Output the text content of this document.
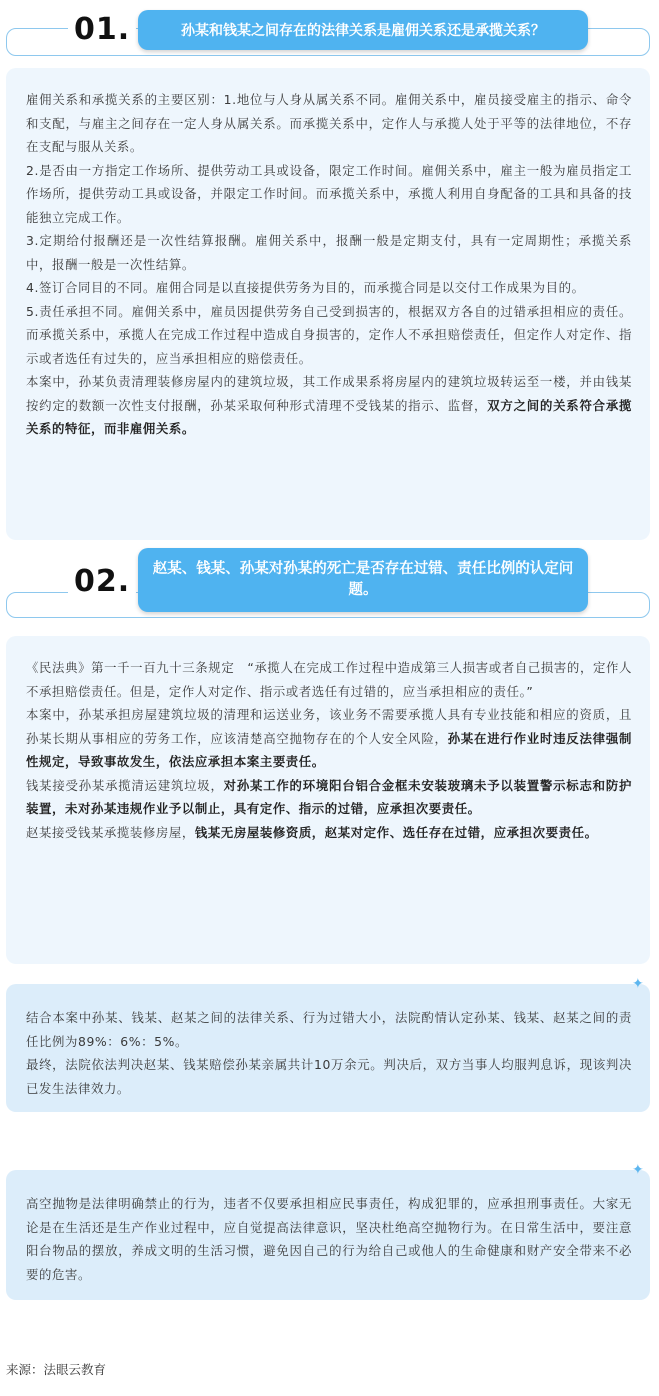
01.	孙某和钱某之间存在的法律关系是雇佣关系还是承揽关系？

雇佣关系和承揽关系的主要区别：1.地位与人身从属关系不同。雇佣关系中，雇员接受雇主的指示、命令和支配，与雇主之间存在一定人身从属关系。而承揽关系中，定作人与承揽人处于平等的法律地位，不存在支配与服从关系。

2.是否由一方指定工作场所、提供劳动工具或设备，限定工作时间。雇佣关系中，雇主一般为雇员指定工作场所，提供劳动工具或设备，并限定工作时间。而承揽关系中，承揽人利用自身配备的工具和具备的技能独立完成工作。

3.定期给付报酬还是一次性结算报酬。雇佣关系中，报酬一般是定期支付，具有一定周期性；承揽关系中，报酬一般是一次性结算。

4.签订合同目的不同。雇佣合同是以直接提供劳务为目的，而承揽合同是以交付工作成果为目的。

5.责任承担不同。雇佣关系中，雇员因提供劳务自己受到损害的，根据双方各自的过错承担相应的责任。而承揽关系中，承揽人在完成工作过程中造成自身损害的，定作人不承担赔偿责任，但定作人对定作、指示或者选任有过失的，应当承担相应的赔偿责任。

本案中，孙某负责清理装修房屋内的建筑垃圾，其工作成果系将房屋内的建筑垃圾转运至一楼，并由钱某按约定的数额一次性支付报酬，孙某采取何种形式清理不受钱某的指示、监督，双方之间的关系符合承揽关系的特征，而非雇佣关系。

02.	赵某、钱某、孙某对孙某的死亡是否存在过错、责任比例的认定问题。

《民法典》第一千一百九十三条规定　“承揽人在完成工作过程中造成第三人损害或者自己损害的，定作人不承担赔偿责任。但是，定作人对定作、指示或者选任有过错的，应当承担相应的责任。”

本案中，孙某承担房屋建筑垃圾的清理和运送业务，该业务不需要承揽人具有专业技能和相应的资质，且孙某长期从事相应的劳务工作，应该清楚高空抛物存在的个人安全风险，孙某在进行作业时违反法律强制性规定，导致事故发生，依法应承担本案主要责任。

钱某接受孙某承揽清运建筑垃圾，对孙某工作的环境阳台铝合金框未安装玻璃未予以装置警示标志和防护装置，未对孙某违规作业予以制止，具有定作、指示的过错，应承担次要责任。

赵某接受钱某承揽装修房屋，钱某无房屋装修资质，赵某对定作、选任存在过错，应承担次要责任。

结合本案中孙某、钱某、赵某之间的法律关系、行为过错大小，法院酌情认定孙某、钱某、赵某之间的责任比例为89%：6%：5%。

最终，法院依法判决赵某、钱某赔偿孙某亲属共计10万余元。判决后，双方当事人均服判息诉，现该判决已发生法律效力。

✦

高空抛物是法律明确禁止的行为，违者不仅要承担相应民事责任，构成犯罪的，应承担刑事责任。大家无论是在生活还是生产作业过程中，应自觉提高法律意识，坚决杜绝高空抛物行为。在日常生活中，要注意阳台物品的摆放，养成文明的生活习惯，避免因自己的行为给自己或他人的生命健康和财产安全带来不必要的危害。

✦
来源：法眼云教育
